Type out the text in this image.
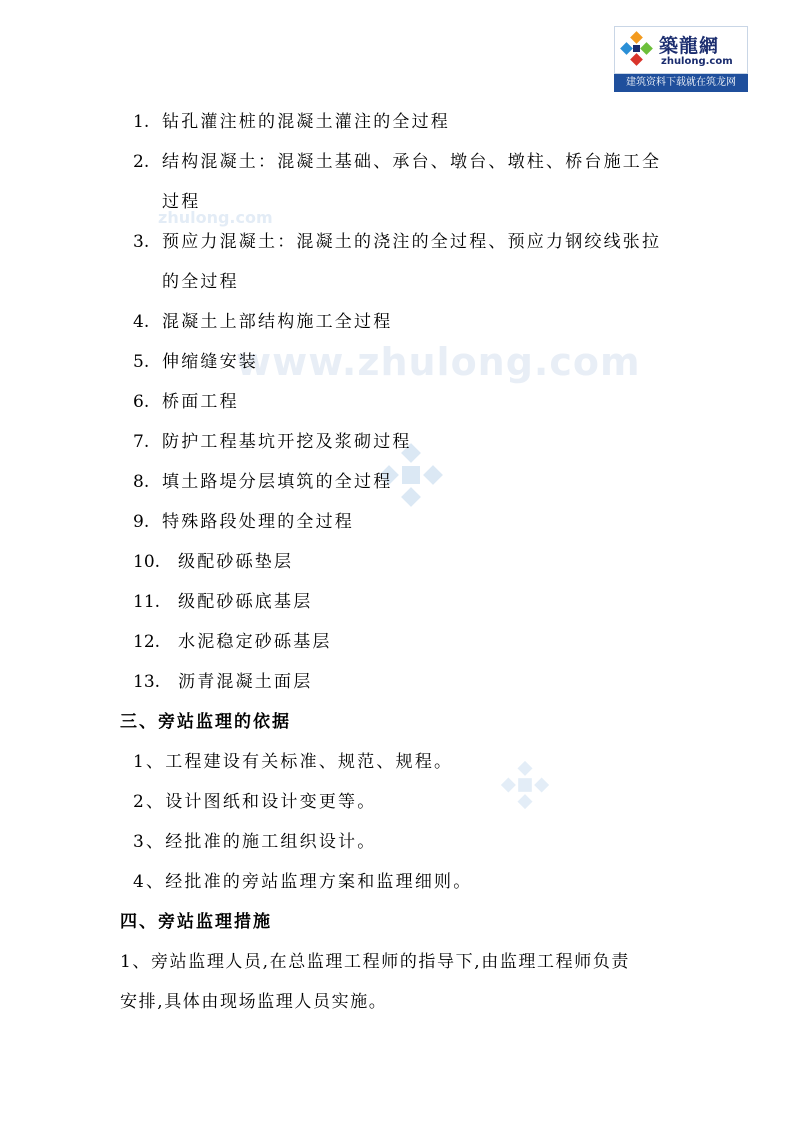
築龍網
zhulong.com
建筑资料下载就在筑龙网
zhulong.com
www.zhulong.com
1. 钻孔灌注桩的混凝土灌注的全过程
2. 结构混凝土：混凝土基础、承台、墩台、墩柱、桥台施工全
过程
3. 预应力混凝土：混凝土的浇注的全过程、预应力钢绞线张拉
的全过程
4. 混凝土上部结构施工全过程
5. 伸缩缝安装
6. 桥面工程
7. 防护工程基坑开挖及浆砌过程
8. 填土路堤分层填筑的全过程
9. 特殊路段处理的全过程
10. 级配砂砾垫层
11. 级配砂砾底基层
12. 水泥稳定砂砾基层
13. 沥青混凝土面层
三、旁站监理的依据
1、工程建设有关标准、规范、规程。
2、设计图纸和设计变更等。
3、经批准的施工组织设计。
4、经批准的旁站监理方案和监理细则。
四、旁站监理措施
1、旁站监理人员,在总监理工程师的指导下,由监理工程师负责
安排,具体由现场监理人员实施。
